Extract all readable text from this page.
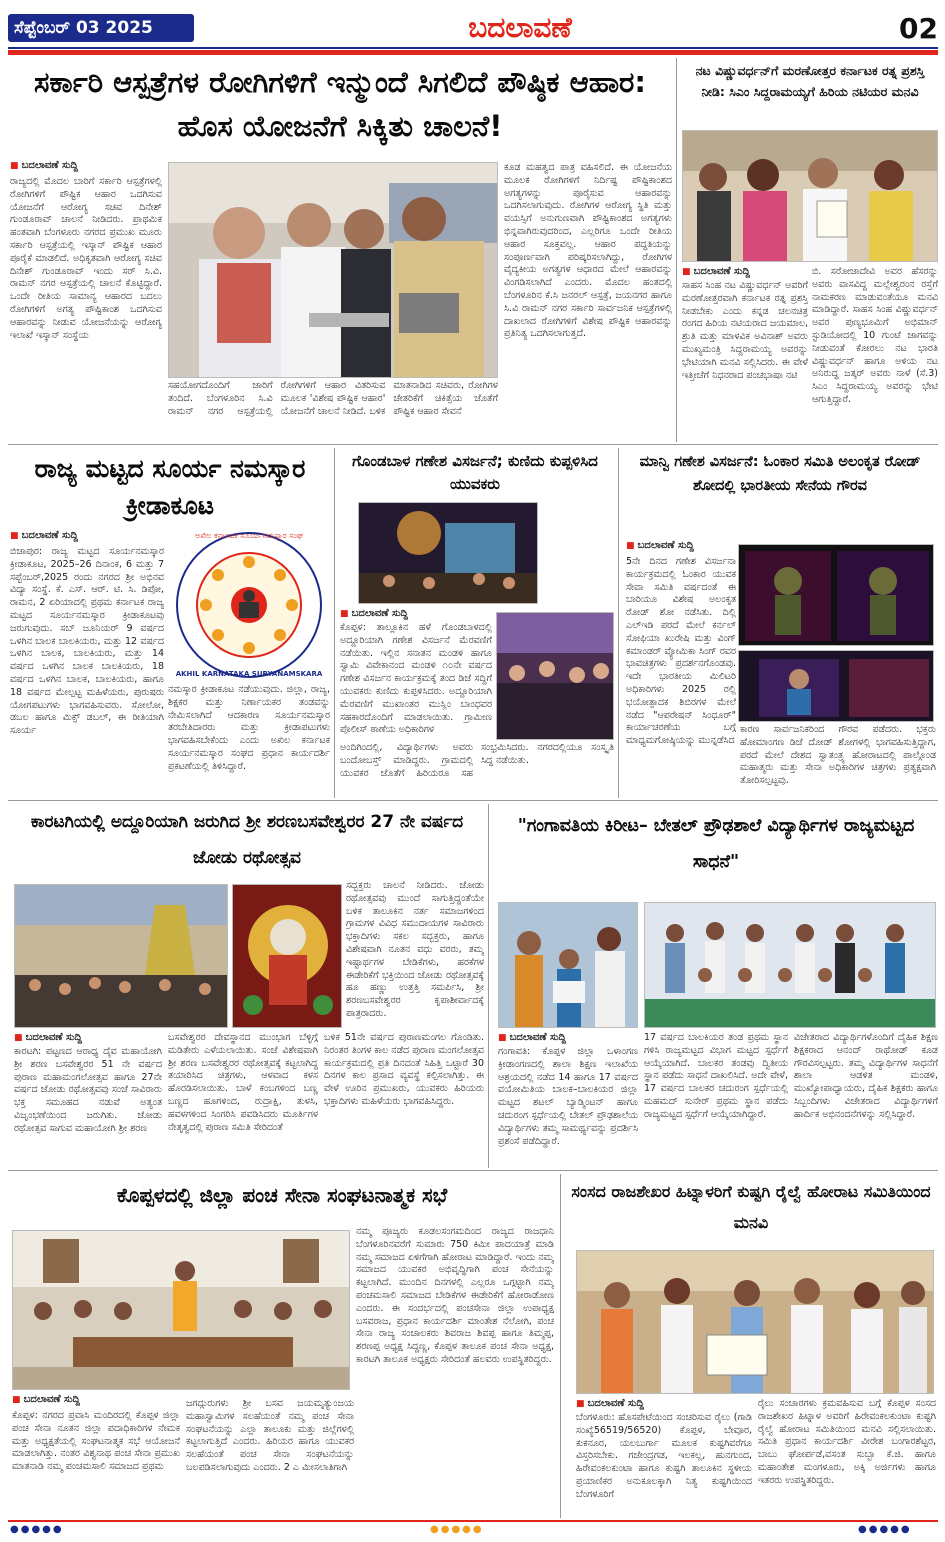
ಸೆಪ್ಟೆಂಬರ್ 03 2025	ಬದಲಾವಣೆ	02
ಸರ್ಕಾರಿ ಆಸ್ಪತ್ರೆಗಳ ರೋಗಿಗಳಿಗೆ ಇನ್ಮುಂದೆ ಸಿಗಲಿದೆ ಪೌಷ್ಠಿಕ ಆಹಾರ: ಹೊಸ ಯೋಜನೆಗೆ ಸಿಕ್ಕಿತು ಚಾಲನೆ!
■ ಬದಲಾವಣೆ ಸುದ್ದಿ
ರಾಜ್ಯದಲ್ಲಿ ಮೊದಲ ಬಾರಿಗೆ ಸರ್ಕಾರಿ ಆಸ್ಪತ್ರೆಗಳಲ್ಲಿ ರೋಗಿಗಳಿಗೆ ಪೌಷ್ಟಿಕ ಆಹಾರ ಒದಗಿಸುವ ಯೋಜನೆಗೆ ಆರೋಗ್ಯ ಸಚಿವ ದಿನೇಶ್ ಗುಂಡೂರಾವ್ ಚಾಲನೆ ನೀಡಿದರು. ಪ್ರಾಥಮಿಕ ಹಂತವಾಗಿ ಬೆಂಗಳೂರು ನಗರದ ಪ್ರಮುಖ ಮೂರು ಸರ್ಕಾರಿ ಆಸ್ಪತ್ರೆಯಲ್ಲಿ ಇಸ್ಕಾನ್ ಪೌಷ್ಟಿಕ ಆಹಾರ ಪೂರೈಕೆ ಮಾಡಲಿದೆ. ಅಧಿಕೃತವಾಗಿ ಆರೋಗ್ಯ ಸಚಿವ ದಿನೇಶ್ ಗುಂಡೂರಾವ್ ಇಂದು ಸರ್ ಸಿ.ವಿ. ರಾಮನ್ ನಗರ ಆಸ್ಪತ್ರೆಯಲ್ಲಿ ಚಾಲನೆ ಕೊಟ್ಟಿದ್ದಾರೆ. ಒಂದೇ ರೀತಿಯ ಸಾಮಾನ್ಯ ಆಹಾರದ ಬದಲು ರೋಗಿಗಳಿಗೆ ಅಗತ್ಯ ಪೌಷ್ಟಿಕಾಂಶ ಒದಗಿಸುವ ಆಹಾರವನ್ನು ನೀಡುವ ಯೋಜನೆಯನ್ನು ಆರೋಗ್ಯ ಇಲಾಖೆ ಇಸ್ಕಾನ್ ಸಂಸ್ಥೆಯ
ಸಹಯೋಗದೊಂದಿಗೆ ಜಾರಿಗೆ ತಂದಿದೆ. ಬೆಂಗಳೂರಿನ ಸಿ.ವಿ ರಾಮನ್ ನಗರ ಆಸ್ಪತ್ರೆಯಲ್ಲಿ ರೋಗಿಗಳಿಗೆ ಆಹಾರ ವಿತರಿಸುವ ಮೂಲಕ 'ವಿಶೇಷ ಪೌಷ್ಟಿಕ ಆಹಾರ' ಯೋಜನೆಗೆ ಚಾಲನೆ ನೀಡಿದೆ. ಬಳಿಕ ಮಾತನಾಡಿದ ಸಚಿವರು, ರೋಗಿಗಳ ಚೇತರಿಕೆಗೆ ಚಿಕಿತ್ಸೆಯ ಜೊತೆಗೆ ಪೌಷ್ಟಿಕ ಆಹಾರ ಸೇವನೆ
ಕೂಡ ಮಹತ್ವದ ಪಾತ್ರ ವಹಿಸಲಿದೆ. ಈ ಯೋಜನೆಯ ಮೂಲಕ ರೋಗಿಗಳಿಗೆ ನಿರ್ದಿಷ್ಟ ಪೌಷ್ಟಿಕಾಂಶದ ಅಗತ್ಯಗಳನ್ನು ಪೂರೈಸುವ ಆಹಾರವನ್ನು ಒದಗಿಸಲಾಗುವುದು. ರೋಗಿಗಳ ಆರೋಗ್ಯ ಸ್ಥಿತಿ ಮತ್ತು ವಯಸ್ಸಿಗೆ ಅನುಗುಣವಾಗಿ ಪೌಷ್ಟಿಕಾಂಶದ ಅಗತ್ಯಗಳು ಭಿನ್ನವಾಗಿರುವುದರಿಂದ, ಎಲ್ಲರಿಗೂ ಒಂದೇ ರೀತಿಯ ಆಹಾರ ಸೂಕ್ತವಲ್ಲ. ಆಹಾರ ಪದ್ಧತಿಯನ್ನು ಸಂಪೂರ್ಣವಾಗಿ ಪರಿಷ್ಕರಿಸಲಾಗಿದ್ದು, ರೋಗಿಗಳ ವೈದ್ಯಕೀಯ ಅಗತ್ಯಗಳ ಆಧಾರದ ಮೇಲೆ ಆಹಾರವನ್ನು ವಿಂಗಡಿಸಲಾಗಿದೆ ಎಂದರು. ಮೊದಲ ಹಂತದಲ್ಲಿ ಬೆಂಗಳೂರಿನ ಕೆ.ಸಿ ಜನರಲ್ ಆಸ್ಪತ್ರೆ, ಜಯನಗರ ಹಾಗೂ ಸಿ.ವಿ ರಾಮನ್ ನಗರ ಸರ್ಕಾರಿ ಸಾರ್ವಜನಿಕ ಆಸ್ಪತ್ರೆಗಳಲ್ಲಿ ದಾಖಲಾದ ರೋಗಿಗಳಿಗೆ ವಿಶೇಷ ಪೌಷ್ಟಿಕ ಆಹಾರವನ್ನು ಪ್ರತಿನಿತ್ಯ ಒದಗಿಸಲಾಗುತ್ತದೆ.
ನಟ ವಿಷ್ಣುವರ್ಧನ್‌ಗೆ ಮರಣೋತ್ತರ ಕರ್ನಾಟಕ ರತ್ನ ಪ್ರಶಸ್ತಿ ನೀಡಿ: ಸಿಎಂ ಸಿದ್ದರಾಮಯ್ಯಗೆ ಹಿರಿಯ ನಟಿಯರ ಮನವಿ
■ ಬದಲಾವಣೆ ಸುದ್ದಿ
ಸಾಹಸ ಸಿಂಹ ನಟ ವಿಷ್ಣುವರ್ಧನ್ ಅವರಿಗೆ ಮರಣೋತ್ತರವಾಗಿ ಕರ್ನಾಟಕ ರತ್ನ ಪ್ರಶಸ್ತಿ ನೀಡಬೇಕು ಎಂದು ಕನ್ನಡ ಚಲನಚಿತ್ರ ರಂಗದ ಹಿರಿಯ ನಟಿಯರಾದ ಜಯಮಾಲ, ಶ್ರುತಿ ಮತ್ತು ಮಾಳವಿಕ ಅವಿನಾಶ್ ಅವರು ಮುಖ್ಯಮಂತ್ರಿ ಸಿದ್ದರಾಮಯ್ಯ ಅವರನ್ನು ಭೇಟಿಯಾಗಿ ಮನವಿ ಸಲ್ಲಿಸಿದರು. ಈ ವೇಳೆ ಇತ್ತೀಚೆಗೆ ನಿಧನರಾದ ಪಂಚಭಾಷಾ ನಟಿ
ಬಿ. ಸರೋಜಾದೇವಿ ಅವರ ಹೆಸರನ್ನು ಅವರು ವಾಸವಿದ್ದ ಮಲ್ಲೇಶ್ವರಂನ ರಸ್ತೆಗೆ ನಾಮಕರಣ ಮಾಡುವಂತೆಯೂ ಮನವಿ ಮಾಡಿದ್ದಾರೆ. ಸಾಹಸ ಸಿಂಹ ವಿಷ್ಣುವರ್ಧನ್ ಅವರ ಪುಣ್ಯಭೂಮಿಗೆ ಅಭಿಮಾನ್ ಸ್ಟುಡಿಯೋದಲ್ಲಿ 10 ಗುಂಟೆ ಜಾಗವನ್ನು ನೀಡುವಂತೆ ಕೋರಲು ನಟ ಭಾರತಿ ವಿಷ್ಣುವರ್ಧನ್ ಹಾಗೂ ಅಳಿಯ ನಟ ಅನಿರುದ್ಧ ಜತ್ಕರ್ ಅವರು ನಾಳೆ (ಸೆ.3) ಸಿಎಂ ಸಿದ್ದರಾಮಯ್ಯ ಅವರನ್ನು ಭೇಟಿ ಆಗುತ್ತಿದ್ದಾರೆ.
ರಾಜ್ಯ ಮಟ್ಟದ ಸೂರ್ಯ ನಮಸ್ಕಾರ ಕ್ರೀಡಾಕೂಟ
■ ಬದಲಾವಣೆ ಸುದ್ದಿ	ಅಖಿಲ ಕರ್ನಾಟಕ ಸೂರ್ಯನಮಸ್ಕಾರ ಸಂಘ
AKHIL KARNATAKA SURYANAMSKARA
ಬಿಜಾಪುರ: ರಾಜ್ಯ ಮಟ್ಟದ ಸೂರ್ಯನಮಸ್ಕಾರ ಕ್ರೀಡಾಕೂಟ, 2025–26 ದಿನಾಂಕ, 6 ಮತ್ತು 7 ಸಪ್ಟೆಂಬರ್,2025 ರಂದು ನಗರದ ಶ್ರೀ ಅಭಿನವ ವಿದ್ಯಾ ಸಂಸ್ಥೆ. ಕೆ. ಎಸ್. ಆರ್. ಟಿ. ಸಿ. ಡಿಪೋ, ರಾಮನ, 2 ಏರಿಯಾದಲ್ಲಿ ಪ್ರಥಮ ಕರ್ನಾಟಕ ರಾಜ್ಯ ಮಟ್ಟದ ಸೂರ್ಯನಮಸ್ಕಾರ ಕ್ರೀಡಾಕೂಟವು ಜರುಗುವುದು. ಸಬ್ ಜೂನಿಯರ್ 9 ವರ್ಷದ ಒಳಗಿನ ಬಾಲಕ ಬಾಲಕಿಯರು, ಮತ್ತು 12 ವರ್ಷದ ಒಳಗಿನ ಬಾಲಕ, ಬಾಲಕಿಯರು, ಮತ್ತು 14 ವರ್ಷದ ಒಳಗಿನ ಬಾಲಕ ಬಾಲಕಿಯರು, 18 ವರ್ಷದ ಒಳಗಿನ ಬಾಲಕ, ಬಾಲಕಿಯರು, ಹಾಗೂ 18 ವರ್ಷದ ಮೇಲ್ಪಟ್ಟ ಮಹಿಳೆಯರು, ಪುರುಷರು ಯೋಗಪಟುಗಳು ಭಾಗವಹಿಸುವರು. ಸೋಲೋ, ಡಬಲ ಹಾಗೂ ಮಿಕ್ಸ್ ಡಬಲ್, ಈ ರೀತಿಯಾಗಿ ಸೂರ್ಯ
ನಮಸ್ಕಾರ ಕ್ರೀಡಾಕೂಟ ನಡೆಯುವುದು. ಜಿಲ್ಲಾ, ರಾಜ್ಯ, ಶಿಕ್ಷಕರ ಮತ್ತು ನಿರ್ಣಾಯಕರ ತಂಡವನ್ನು ನೇಮಿಸಲಾಗಿದೆ ಆದಕಾರಣ ಸೂರ್ಯನಮಸ್ಕಾರ ತರಬೇತಿದಾರರು ಮತ್ತು ಕ್ರೀಡಾಪಟುಗಳು ಭಾಗವಹಿಸಬೇಕೆಂದು ಎಂದು ಅಖಿಲ ಕರ್ನಾಟಕ ಸೂರ್ಯನಮಸ್ಕಾರ ಸಂಘದ ಪ್ರಧಾನ ಕಾರ್ಯದರ್ಶಿ ಪ್ರಕಟಣೆಯಲ್ಲಿ ತಿಳಿಸಿದ್ದಾರೆ.
ಗೊಂಡಬಾಳ ಗಣೇಶ ವಿಸರ್ಜನೆ; ಕುಣಿದು ಕುಪ್ಪಳಿಸಿದ ಯುವಕರು
■ ಬದಲಾವಣೆ ಸುದ್ದಿ
ಕೊಪ್ಪಳ: ತಾಲ್ಲೂಕಿನ ಹಳೆ ಗೊಂಡಬಾಳದಲ್ಲಿ ಅದ್ದೂರಿಯಾಗಿ ಗಣೇಶ ವಿಸರ್ಜನೆ ಮೆರವಣಿಗೆ ನಡೆಯಿತು. ಇಲ್ಲಿನ ಸನಾತನ ಮಂಡಳಿ ಹಾಗೂ ಸ್ವಾಮಿ ವಿವೇಕಾನಂದ ಮಂಡಳಿ ೧೦ನೇ ವರ್ಷದ ಗಣೇಶ ವಿಸರ್ಜನ ಕಾರ್ಯಕ್ರಮಕ್ಕೆ ತಂದ ಡಿಜೆ ಸದ್ದಿಗೆ ಯುವಕರು ಕುಣಿದು ಕುಪ್ಪಳಿಸಿದರು. ಅದ್ದೂರಿಯಾಗಿ ಮೆರವಣಿಗೆ ಮುಖಾಂತರ ಮುಸ್ಲಿಂ ಬಾಂಧವರ ಸಹಕಾರದೊಂದಿಗೆ ಮಾಡಲಾಯಿತು. ಗ್ರಾಮೀಣ ಪೊಲೀಸ್ ಠಾಣೆಯ ಅಧಿಕಾರಿಗಳ
ಅಂದಿಗಿಂದಲ್ಲಿ, ವಿದ್ಯಾರ್ಥಿಗಳು ಅವರು ಬಂದೋಬಸ್ತ್ ಮಾಡಿದ್ದರು. ಗ್ರಾಮದಲ್ಲಿ ಯುವಕರ ಜೊತೆಗೆ ಹಿರಿಯರೂ ಸಹ ಸಂಭ್ರಮಿಸಿದರು. ನಗರದಲ್ಲಿಯೂ ಸಂಸ್ಕೃತಿ ಸಿದ್ಧ ನಡೆಯಿತು.
ಮಾನ್ವಿ ಗಣೇಶ ವಿಸರ್ಜನೆ: ಓಂಕಾರ ಸಮಿತಿ ಅಲಂಕೃತ ರೋಡ್ ಶೋದಲ್ಲಿ ಭಾರತೀಯ ಸೇನೆಯ ಗೌರವ
■ ಬದಲಾವಣೆ ಸುದ್ದಿ
5ನೇ ದಿನದ ಗಣೇಶ ವಿಸರ್ಜನಾ ಕಾರ್ಯಕ್ರಮದಲ್ಲಿ ಓಂಕಾರ ಯುವಕ ಸೇವಾ ಸಮಿತಿ ವರ್ಷದಂತೆ ಈ ಬಾರಿಯೂ ವಿಶೇಷ ಅಲಂಕೃತ ರೋಡ್ ಶೋ ನಡೆಸಿತು. ದಿಲ್ಲಿ ಎಲ್‌ಇಡಿ ಪರದೆ ಮೇಲೆ ಕರ್ನಲ್ ಸೋಫಿಯಾ ಖುರೇಷಿ ಮತ್ತು ವಿಂಗ್ ಕಮಾಂಡರ್ ವ್ಯೋಮಿಕಾ ಸಿಂಗ್ ರವರ ಭಾವಚಿತ್ರಗಳು ಪ್ರದರ್ಶನಗೊಂಡವು. ಇದೇ ಭಾರತೀಯ ಮಿಲಿಟರಿ ಅಧಿಕಾರಿಗಳು 2025 ರಲ್ಲಿ ಭಯೋತ್ಪಾದಕ ಶಿಬಿರಗಳ ಮೇಲೆ ನಡೆದ "ಆಪರೇಷನ್ ಸಿಂಧೂರ್" ಕಾರ್ಯಾಚರಣೆಯ ಬಗ್ಗೆ ಮಾಧ್ಯಮಗೋಷ್ಠಿಯನ್ನು ಮುನ್ನಡೆಸಿದ
ಕಾರಣ ಸಾರ್ವಜನಿಕರಿಂದ ಗೌರವ ಪಡೆದರು. ಭಕ್ತರು ಹೋಮಾಂಗಣ ಡಿಜೆ ದೋಡ್ ಶೋಗಳಲ್ಲಿ ಭಾಗವಹಿಸುತ್ತಿದ್ದಾಗ, ಪರದೆ ಮೇಲೆ ದೇಶದ ಸ್ವಾತಂತ್ರ್ಯ ಹೋರಾಟದಲ್ಲಿ ಪಾಲ್ಗೊಂಡ ಮಹಾತ್ಮರು ಮತ್ತು ಸೇನಾ ಅಧಿಕಾರಿಗಳ ಚಿತ್ರಗಳು ಪ್ರತ್ಯಕ್ಷವಾಗಿ ತೋರಿಸಲ್ಪಟ್ಟವು.
ಕಾರಟಗಿಯಲ್ಲಿ ಅದ್ದೂರಿಯಾಗಿ ಜರುಗಿದ ಶ್ರೀ ಶರಣಬಸವೇಶ್ವರರ 27 ನೇ ವರ್ಷದ ಜೋಡು ರಥೋತ್ಸವ
ಸದ್ಭಕ್ತರು ಚಾಲನೆ ನೀಡಿದರು. ಜೋಡು ರಥೋತ್ಸವವು ಮುಂದೆ ಸಾಗುತ್ತಿದ್ದಂತೆಯೇ ಬಳಿಕ ತಾಲೂಕಿನ ನರ್ತ ಸಮಾಜಗಳಿಂದ ಗ್ರಾಮಗಳ ವಿವಿಧ ಸಮುದಾಯಗಳ ಸಾವಿರಾರು ಭಕ್ತಾದಿಗಳು ಸಕಲ ಸದ್ಭಕ್ತರು, ಹಾಗೂ ವಿಶೇಷವಾಗಿ ನೂತನ ವಧು ವರರು, ತಮ್ಮ ಇಷ್ಟಾರ್ಥಗಳ ಬೇಡಿಕೆಗಳು, ಹರಕೆಗಳ ಈಡೇರಿಕೆಗೆ ಭಕ್ತಿಯಿಂದ ಜೋಡು ರಥೋತ್ಸವಕ್ಕೆ ಹೂ ಹಣ್ಣು ಉತ್ತತ್ತಿ ಸಮರ್ಪಿಸಿ, ಶ್ರೀ ಶರಣಬಸವೇಶ್ವರರ ಕೃಪಾಶೀರ್ವಾದಕ್ಕೆ ಪಾತ್ರರಾದರು.
■ ಬದಲಾವಣೆ ಸುದ್ದಿ
ಕಾರಟಗಿ: ಪಟ್ಟಣದ ಆರಾಧ್ಯ ದೈವ ಮಹಾಯೋಗಿ ಶ್ರೀ ಶರಣ ಬಸವೇಶ್ವರರ 51 ನೇ ವರ್ಷದ ಪುರಾಣ ಮಹಾಮಂಗಲೋತ್ಸವ ಹಾಗೂ 27ನೇ ವರ್ಷದ ಜೋಡು ರಥೋತ್ಸವವು ಸಂಜೆ ಸಾವಿರಾರು ಭಕ್ತ ಸಮೂಹದ ನಡುವೆ ಅತ್ಯಂತ ವಿಜೃಂಭಣೆಯಿಂದ ಜರುಗಿತು. ಜೋಡು ರಥೋತ್ಸವ ಸಾಗುವ ಮಹಾಯೋಗಿ ಶ್ರೀ ಶರಣ
ಬಸವೇಶ್ವರರ ದೇವಸ್ಥಾನದ ಮುಂಭಾಗ ಬೆಳ್ಳಿಗ್ಗೆ ಮಡಿತೇರು ಎಳೆಯಲಾಯಿತು. ಸಂಜೆ ವಿಶೇಷವಾಗಿ ಶ್ರೀ ಶರಣ ಬಸವೇಶ್ವರರ ರಥೋತ್ಸವಕ್ಕೆ ಕಟ್ಟಲಾಗಿದ್ದ ತಯಾರಿಸಿದ ಚಿತ್ರಗಳು, ಆಳವಾದ ಕಳಸ ಹೊರಡಿಸಲಾಯಿತು. ಬಾಳೆ ಕಂಬಗಳಿಂದ ಬಣ್ಣ ಬಣ್ಣದ ಹೂಗಳಿಂದ, ರುದ್ರಾಕ್ಷಿ, ತುಳಸಿ, ಹವಳಗಳಿಂದ ಸಿಂಗರಿಸಿ ಪವಡಿಸಿದರು ಮೂರ್ತಿಗಳ ನೇತೃತ್ವದಲ್ಲಿ ಪುರಾಣ ಸಮಿತಿ ಸೇರಿದಂತೆ
ಬಳಿಕ 51ನೇ ವರ್ಷದ ಪುರಾಣಮಂಗಲ ಗೊಂಡಿತು. ನಿರಂತರ ತಿಂಗಳ ಕಾಲ ನಡೆದ ಪುರಾಣ ಮಂಗಲೋತ್ಸವ ಕಾರ್ಯಕ್ರಮದಲ್ಲಿ ಪ್ರತಿ ದಿನದಂತೆ ಸಿಹಿತ್ತಿ ಒಟ್ಟಾರೆ 30 ದಿನಗಳ ಕಾಲ ಪ್ರಸಾದ ವ್ಯವಸ್ಥೆ ಕಲ್ಪಿಸಲಾಗಿತ್ತು. ಈ ವೇಳೆ ಊರಿನ ಪ್ರಮುಖರು, ಯುವಕರು ಹಿರಿಯರು ಭಕ್ತಾದಿಗಳು ಮಹಿಳೆಯರು ಭಾಗವಹಿಸಿದ್ದರು.
"ಗಂಗಾವತಿಯ ಕಿರೀಟ– ಬೇತಲ್ ಪ್ರೌಢಶಾಲೆ ವಿದ್ಯಾರ್ಥಿಗಳ ರಾಜ್ಯಮಟ್ಟದ ಸಾಧನೆ"
■ ಬದಲಾವಣೆ ಸುದ್ದಿ
ಗಂಗಾವತಿ: ಕೊಪ್ಪಳ ಜಿಲ್ಲಾ ಒಳಾಂಗಣ ಕ್ರೀಡಾಂಗಣದಲ್ಲಿ ಶಾಲಾ ಶಿಕ್ಷಣ ಇಲಾಖೆಯ ಆಶ್ರಯದಲ್ಲಿ ನಡೆದ 14 ಹಾಗೂ 17 ವರ್ಷದ ವಯೋಮಿತಿಯ ಬಾಲಕ–ಬಾಲಕಿಯರ ಜಿಲ್ಲಾ ಮಟ್ಟದ ಶಟಲ್ ಬ್ಯಾಡ್ಮಿಂಟನ್ ಹಾಗೂ ಚದುರಂಗ ಸ್ಪರ್ಧೆಯಲ್ಲಿ ಬೇತಲ್ ಪ್ರೌಢಶಾಲೆಯ ವಿದ್ಯಾರ್ಥಿಗಳು ತಮ್ಮ ಸಾಮರ್ಥ್ಯವನ್ನು ಪ್ರದರ್ಶಿಸಿ ಪ್ರಶಂಸೆ ಪಡೆದಿದ್ದಾರೆ.
17 ವರ್ಷದ ಬಾಲಕಿಯರ ತಂಡ ಪ್ರಥಮ ಸ್ಥಾನ ಗಳಿಸಿ ರಾಜ್ಯಮಟ್ಟದ ವಿಭಾಗ ಮಟ್ಟದ ಸ್ಪರ್ಧೆಗೆ ಆಯ್ಕೆಯಾಗಿದೆ. ಬಾಲಕರ ತಂಡವು ದ್ವಿತೀಯ ಸ್ಥಾನ ಪಡೆದು ಸಾಧನೆ ದಾಖಲಿಸಿದೆ. ಅದೇ ವೇಳೆ, 17 ವರ್ಷದ ಬಾಲಕರ ಚದುರಂಗ ಸ್ಪರ್ಧೆಯಲ್ಲಿ ಮಹಮದ್ ಸುನೇರ್ ಪ್ರಥಮ ಸ್ಥಾನ ಪಡೆದು ರಾಜ್ಯಮಟ್ಟದ ಸ್ಪರ್ಧೆಗೆ ಆಯ್ಕೆಯಾಗಿದ್ದಾರೆ.
ವಿಜೇತರಾದ ವಿದ್ಯಾರ್ಥಿಗಳೊಂದಿಗೆ ದೈಹಿಕ ಶಿಕ್ಷಣ ಶಿಕ್ಷಕರಾದ ಆನಂದ್ ರಾಥೋಡ್ ಕೂಡ ಗೌರವಿಸಲ್ಪಟ್ಟರು. ತಮ್ಮ ವಿದ್ಯಾರ್ಥಿಗಳ ಸಾಧನೆಗೆ ಶಾಲಾ ಆಡಳಿತ ಮಂಡಳಿ, ಮುಖ್ಯೋಪಾಧ್ಯಾಯರು, ದೈಹಿಕ ಶಿಕ್ಷಕರು ಹಾಗೂ ಸಿಬ್ಬಂದಿಗಳು ವಿಜೇತರಾದ ವಿದ್ಯಾರ್ಥಿಗಳಿಗೆ ಹಾರ್ದಿಕ ಅಭಿನಂದನೆಗಳನ್ನು ಸಲ್ಲಿಸಿದ್ದಾರೆ.
ಕೊಪ್ಪಳದಲ್ಲಿ ಜಿಲ್ಲಾ ಪಂಚ ಸೇನಾ ಸಂಘಟನಾತ್ಮಕ ಸಭೆ
ನಮ್ಮ ಪೂಜ್ಯರು ಕೂಡಲಸಂಗಮದಿಂದ ರಾಜ್ಯದ ರಾಜಧಾನಿ ಬೆಂಗಳೂರಿನವರೆಗೆ ಸುಮಾರು 750 ಕಿಮೀ ಪಾದಯಾತ್ರೆ ಮಾಡಿ ನಮ್ಮ ಸಮಾಜದ ಏಳಿಗೆಗಾಗಿ ಹೋರಾಟ ಮಾಡಿದ್ದಾರೆ. ಇಂದು ನಮ್ಮ ಸಮಾಜದ ಯುವಕರ ಅಭಿವೃದ್ಧಿಗಾಗಿ ಪಂಚ ಸೇನೆಯನ್ನು ಕಟ್ಟಲಾಗಿದೆ. ಮುಂದಿನ ದಿನಗಳಲ್ಲಿ ಎಲ್ಲರೂ ಒಗ್ಗಟ್ಟಾಗಿ ನಮ್ಮ ಪಂಚಮಸಾಲಿ ಸಮಾಜದ ಬೇಡಿಕೆಗಳ ಈಡೇರಿಕೆಗೆ ಹೋರಾಡೋಣ ಎಂದರು. ಈ ಸಂದರ್ಭದಲ್ಲಿ ಪಂಚಸೇನಾ ಜಿಲ್ಲಾ ಉಪಾಧ್ಯಕ್ಷ ಬಸವರಾಜ, ಪ್ರಧಾನ ಕಾರ್ಯದರ್ಶಿ ಮಾಂತೇಶ ನೆಲೋಗಿ, ಪಂಚ ಸೇನಾ ರಾಜ್ಯ ಸಂಚಾಲಕರು ಶಿವರಾಜ ಶಿವಪ್ಪ ಹಾಗೂ ತಿಮ್ಮಪ್ಪ, ಶರಣಪ್ಪ ಅಧ್ಯಕ್ಷ ಸಿದ್ದಣ್ಣ, ಕೊಪ್ಪಳ ತಾಲೂಕ ಪಂಚ ಸೇನಾ ಅಧ್ಯಕ್ಷ, ಕಾರಟಗಿ ತಾಲೂಕ ಅಧ್ಯಕ್ಷರು ಸೇರಿದಂತೆ ಹಲವರು ಉಪಸ್ಥಿತರಿದ್ದರು.
■ ಬದಲಾವಣೆ ಸುದ್ದಿ
ಕೊಪ್ಪಳ: ನಗರದ ಪ್ರವಾಸಿ ಮಂದಿರದಲ್ಲಿ ಕೊಪ್ಪಳ ಜಿಲ್ಲಾ ಪಂಚ ಸೇನಾ ನೂತನ ಜಿಲ್ಲಾ ಪದಾಧಿಕಾರಿಗಳ ನೇಮಕ ಮತ್ತು ಅಧ್ಯಕ್ಷತೆಯಲ್ಲಿ ಸಂಘಟನಾತ್ಮಕ ಸಭೆ ಆಯೋಜನೆ ಮಾಡಲಾಗಿತ್ತು. ನಂತರ ವಿಶ್ವನಾಥ ಪಂಚ ಸೇನಾ ಪ್ರಮುಖ ಮಾತನಾಡಿ ನಮ್ಮ ಪಂಚಮಸಾಲಿ ಸಮಾಜದ ಪ್ರಥಮ
ಜಗದ್ಗುರುಗಳು ಶ್ರೀ ಬಸವ ಜಯಮೃತ್ಯುಂಜಯ ಮಹಾಸ್ವಾಮಿಗಳ ಸಲಹೆಯಂತೆ ನಮ್ಮ ಪಂಚ ಸೇನಾ ಸಂಘಟನೆಯನ್ನು ಎಲ್ಲಾ ತಾಲೂಕು ಮತ್ತು ಜಿಲ್ಲೆಗಳಲ್ಲಿ ಕಟ್ಟಲಾಗುತ್ತಿದೆ ಎಂದರು. ಹಿರಿಯರ ಹಾಗೂ ಯುವಕರ ಸಲಹೆಯಂತೆ ಪಂಚ ಸೇನಾ ಸಂಘಟನೆಯನ್ನು ಬಲಪಡಿಸಲಾಗುವುದು ಎಂದರು. 2 ಎ ಮೀಸಲಾತಿಗಾಗಿ
ಸಂಸದ ರಾಜಶೇಖರ ಹಿಟ್ನಾಳರಿಗೆ ಕುಷ್ಟಗಿ ರೈಲ್ವೆ ಹೋರಾಟ ಸಮಿತಿಯಿಂದ ಮನವಿ
■ ಬದಲಾವಣೆ ಸುದ್ದಿ
ಬೆಂಗಳೂರು: ಹೊಸಪೇಟೆಯಿಂದ ಸಂಚರಿಸುವ ರೈಲು (ಗಾಡಿ ಸಂಖ್ಯೆ56519/56520) ಕೊಪ್ಪಳ, ಬೇವೂರ, ಕುಕನೂರ, ಯಲಬುರ್ಗಾ ಮೂಲಕ ಕುಷ್ಟಗಿವರೆಗೂ ವಿಸ್ತರಿಸಬೇಕು. ಗಜೇಂದ್ರಗಡ, ಇಲಕಲ್ಲ, ಹುನಗುಂದ, ಹಿರೇವಂಕಲಕುಂಟಾ ಹಾಗೂ ಕುಷ್ಟಗಿ ತಾಲೂಕಿನ ಸ್ಥಳೀಯ ಪ್ರಯಾಣಿಕರ ಅನುಕೂಲಕ್ಕಾಗಿ ನಿತ್ಯ ಕುಷ್ಟಗಿಯಿಂದ ಬೆಂಗಳೂರಿಗೆ
ರೈಲು ಸಂಚಾರಗಳು ಕ್ರಮವಹಿಸುವ ಬಗ್ಗೆ ಕೊಪ್ಪಳ ಸಂಸದ ರಾಜಶೇಖರ ಹಿಟ್ನಾಳ ಅವರಿಗೆ ಹಿರೇವಂಕಲಕುಂಟಾ ಕುಷ್ಟಗಿ ರೈಲ್ವೆ ಹೋರಾಟ ಸಮಿತಿಯಿಂದ ಮನವಿ ಸಲ್ಲಿಸಲಾಯಿತು. ಸಮಿತಿ ಪ್ರಧಾನ ಕಾರ್ಯದರ್ಶಿ ವೀರೇಶ ಬಂಗಾರಶೆಟ್ಟರ, ಬಾಬು ಘೋರ್ಪಡೆ,ವಸಂತ ಸುಬ್ಬಾ ಕೆ.ಜಿ. ಹಾಗೂ ಮಹಾಂತೇಶ ಮಂಗಳೂರು, ಅಕ್ಕಿ ಅರ್ಜಿಗಳು ಹಾಗೂ ಇತರರು ಉಪಸ್ಥಿತರಿದ್ದರು.
●●●●●	●●●●●	●●●●●
